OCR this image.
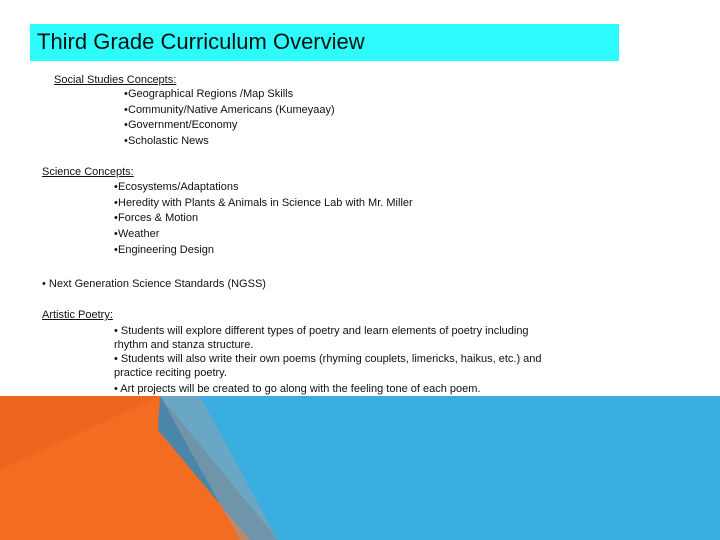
Third Grade Curriculum Overview
Social Studies Concepts:
•Geographical Regions /Map Skills
•Community/Native Americans (Kumeyaay)
•Government/Economy
•Scholastic News
Science Concepts:
•Ecosystems/Adaptations
•Heredity with Plants & Animals in Science Lab with Mr. Miller
•Forces & Motion
•Weather
•Engineering Design
• Next Generation Science Standards (NGSS)
Artistic Poetry:
• Students will explore different types of poetry and learn elements of poetry including rhythm and stanza structure.
• Students will also write their own poems (rhyming couplets, limericks, haikus, etc.) and practice reciting poetry.
• Art projects will be created to go along with the feeling tone of each poem.
